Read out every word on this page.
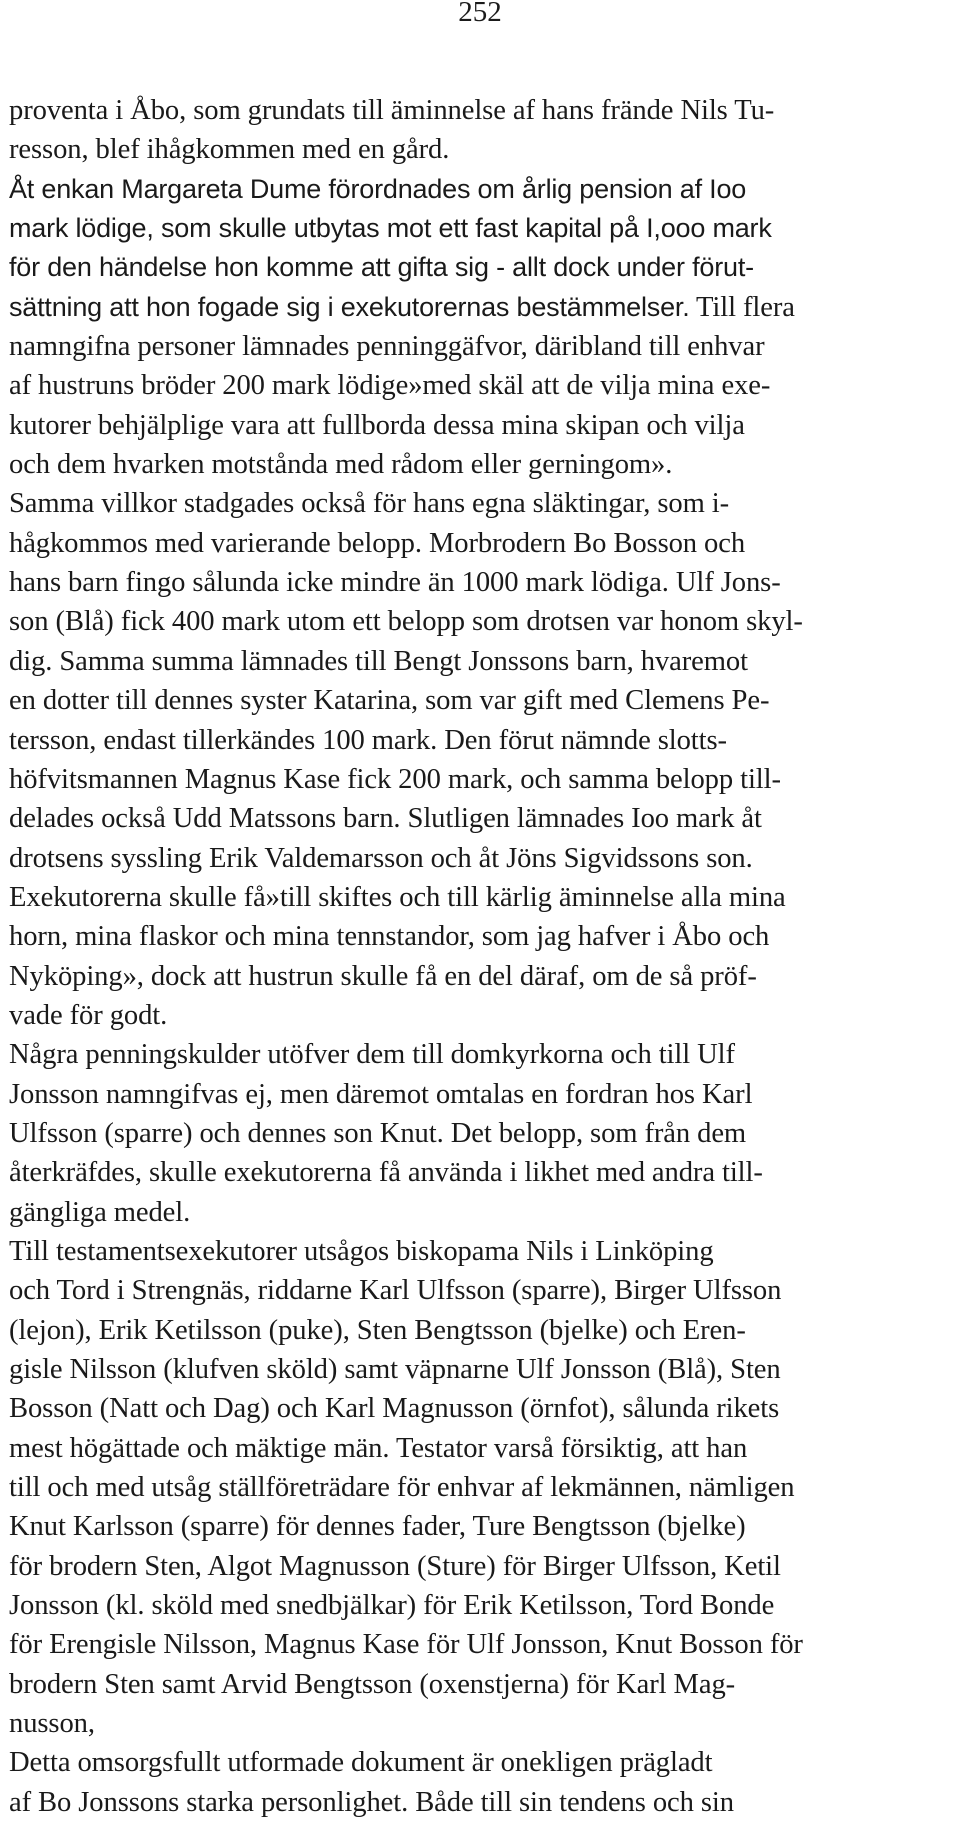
252
proventa i Åbo, som grundats till äminnelse af hans frände Nils Tu-
resson, blef ihågkommen med en gård.
Åt enkan Margareta Dume förordnades om årlig pension af Ioo
mark lödige, som skulle utbytas mot ett fast kapital på I,ooo mark
för den händelse hon komme att gifta sig - allt dock under förut-
sättning att hon fogade sig i exekutorernas bestämmelser. Till flera
namngifna personer lämnades penninggäfvor, däribland till enhvar
af hustruns bröder 200 mark lödige»med skäl att de vilja mina exe-
kutorer behjälplige vara att fullborda dessa mina skipan och vilja
och dem hvarken motstånda med rådom eller gerningom».
Samma villkor stadgades också för hans egna släktingar, som i-
hågkommos med varierande belopp. Morbrodern Bo Bosson och
hans barn fingo sålunda icke mindre än 1000 mark lödiga. Ulf Jons-
son (Blå) fick 400 mark utom ett belopp som drotsen var honom skyl-
dig. Samma summa lämnades till Bengt Jonssons barn, hvaremot
en dotter till dennes syster Katarina, som var gift med Clemens Pe-
tersson, endast tillerkändes 100 mark. Den förut nämnde slotts-
höfvitsmannen Magnus Kase fick 200 mark, och samma belopp till-
delades också Udd Matssons barn. Slutligen lämnades Ioo mark åt
drotsens syssling Erik Valdemarsson och åt Jöns Sigvidssons son.
Exekutorerna skulle få»till skiftes och till kärlig äminnelse alla mina
horn, mina flaskor och mina tennstandor, som jag hafver i Åbo och
Nyköping», dock att hustrun skulle få en del däraf, om de så pröf-
vade för godt.
Några penningskulder utöfver dem till domkyrkorna och till Ulf
Jonsson namngifvas ej, men däremot omtalas en fordran hos Karl
Ulfsson (sparre) och dennes son Knut. Det belopp, som från dem
återkräfdes, skulle exekutorerna få använda i likhet med andra till-
gängliga medel.
Till testamentsexekutorer utsågos biskopama Nils i Linköping
och Tord i Strengnäs, riddarne Karl Ulfsson (sparre), Birger Ulfsson
(lejon), Erik Ketilsson (puke), Sten Bengtsson (bjelke) och Eren-
gisle Nilsson (klufven sköld) samt väpnarne Ulf Jonsson (Blå), Sten
Bosson (Natt och Dag) och Karl Magnusson (örnfot), sålunda rikets
mest högättade och mäktige män. Testator varså försiktig, att han
till och med utsåg ställföreträdare för enhvar af lekmännen, nämligen
Knut Karlsson (sparre) för dennes fader, Ture Bengtsson (bjelke)
för brodern Sten, Algot Magnusson (Sture) för Birger Ulfsson, Ketil
Jonsson (kl. sköld med snedbjälkar) för Erik Ketilsson, Tord Bonde
för Erengisle Nilsson, Magnus Kase för Ulf Jonsson, Knut Bosson för
brodern Sten samt Arvid Bengtsson (oxenstjerna) för Karl Mag-
nusson,
Detta omsorgsfullt utformade dokument är onekligen prägladt
af Bo Jonssons starka personlighet. Både till sin tendens och sin
